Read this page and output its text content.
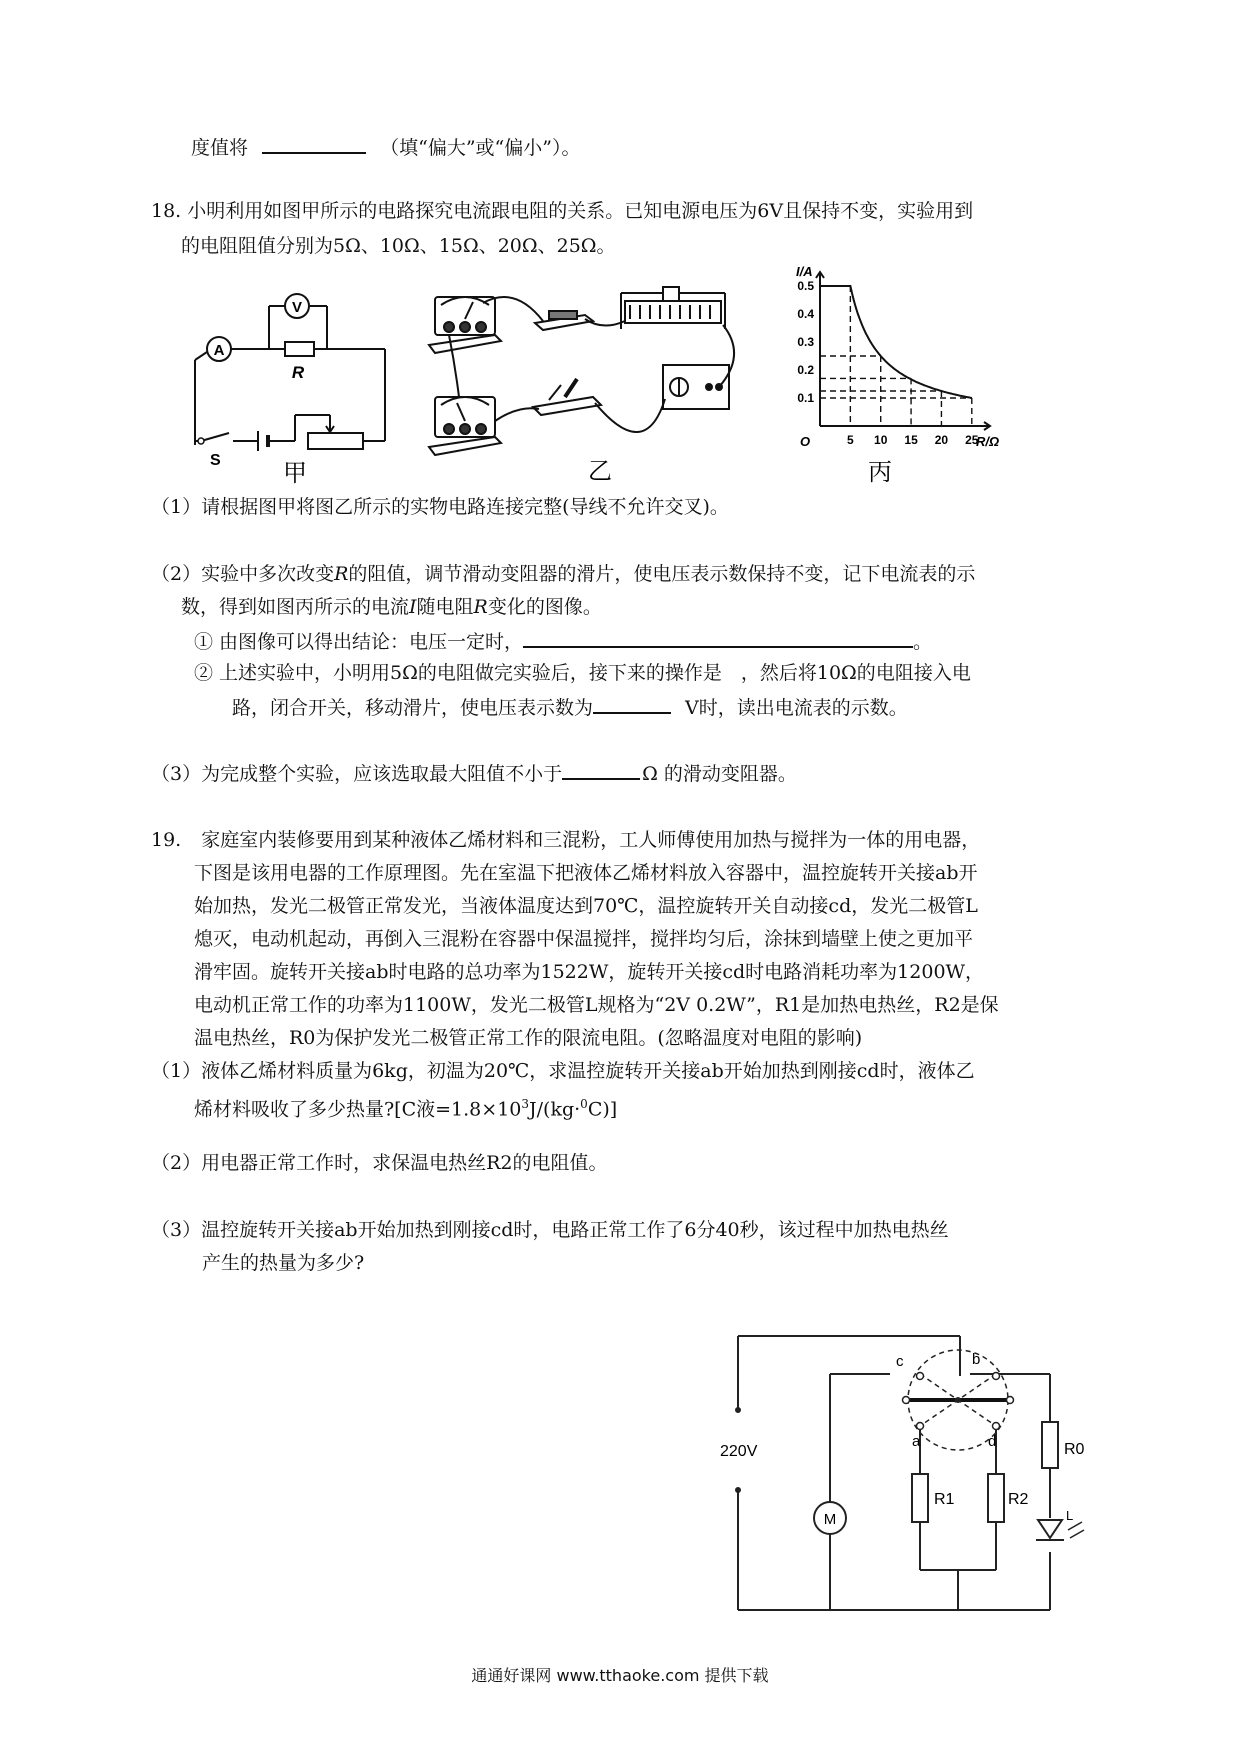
度值将	（填“偏大”或“偏小”）。
18. 小明利用如图甲所示的电路探究电流跟电阻的关系。已知电源电压为6V且保持不变，实验用到
的电阻阻值分别为5Ω、10Ω、15Ω、20Ω、25Ω。
A
V
R
S	甲	乙
I/A
R/Ω
O	5 10 15 20 25
0.1
0.2
0.3
0.4
0.5
丙
（1）请根据图甲将图乙所示的实物电路连接完整(导线不允许交叉)。
（2）实验中多次改变R的阻值，调节滑动变阻器的滑片，使电压表示数保持不变，记下电流表的示
数，得到如图丙所示的电流I随电阻R变化的图像。
① 由图像可以得出结论：电压一定时，	。
② 上述实验中，小明用5Ω的电阻做完实验后，接下来的操作是　，然后将10Ω的电阻接入电
路，闭合开关，移动滑片，使电压表示数为	V时，读出电流表的示数。
（3）为完成整个实验，应该选取最大阻值不小于	Ω 的滑动变阻器。
19. 家庭室内装修要用到某种液体乙烯材料和三混粉，工人师傅使用加热与搅拌为一体的用电器，
下图是该用电器的工作原理图。先在室温下把液体乙烯材料放入容器中，温控旋转开关接ab开
始加热，发光二极管正常发光，当液体温度达到70℃，温控旋转开关自动接cd，发光二极管L
熄灭，电动机起动，再倒入三混粉在容器中保温搅拌，搅拌均匀后，涂抹到墙壁上使之更加平
滑牢固。旋转开关接ab时电路的总功率为1522W，旋转开关接cd时电路消耗功率为1200W，
电动机正常工作的功率为1100W，发光二极管L规格为“2V 0.2W”，R1是加热电热丝，R2是保
温电热丝，R0为保护发光二极管正常工作的限流电阻。(忽略温度对电阻的影响)
（1）液体乙烯材料质量为6kg，初温为20℃，求温控旋转开关接ab开始加热到刚接cd时，液体乙
烯材料吸收了多少热量?[C液$=1.8\times 10^3J/(kg\cdot^0C)$]
（2）用电器正常工作时，求保温电热丝R2的电阻值。
（3）温控旋转开关接ab开始加热到刚接cd时，电路正常工作了6分40秒，该过程中加热电热丝
产生的热量为多少?
220V
c	b
a	d
M
R1	R2
R0
L
通通好课网 www.tthaoke.com 提供下载
